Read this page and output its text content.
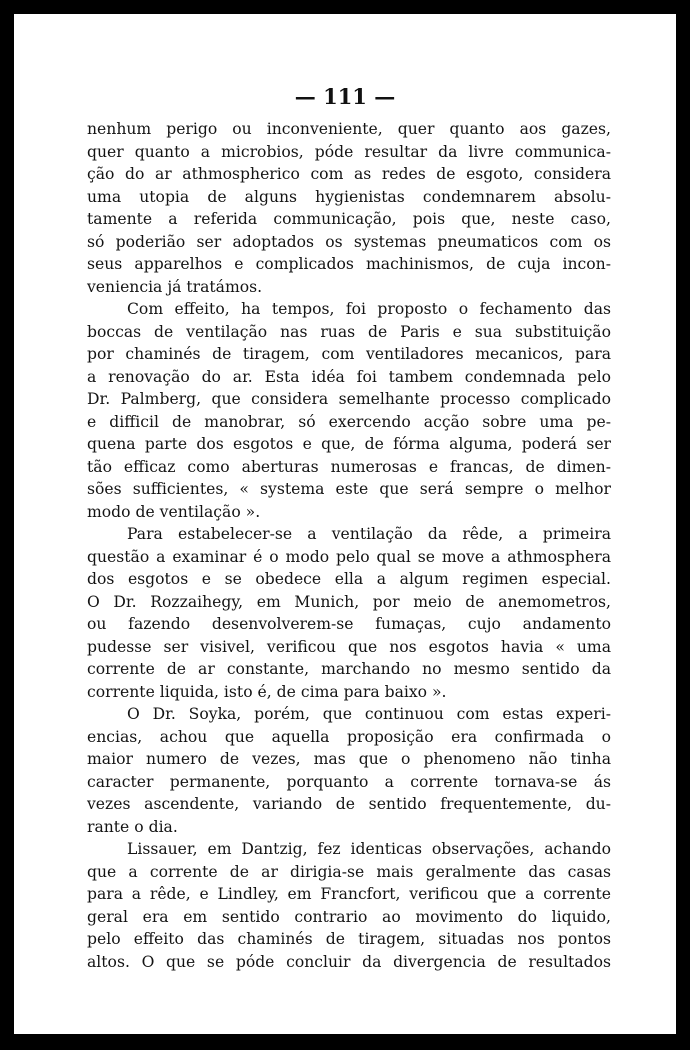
— 111 —
nenhum perigo ou inconveniente, quer quanto aos gazes,
quer quanto a microbios, póde resultar da livre communica-
ção do ar athmospherico com as redes de esgoto, considera
uma utopia de alguns hygienistas condemnarem absolu-
tamente a referida communicação, pois que, neste caso,
só poderião ser adoptados os systemas pneumaticos com os
seus apparelhos e complicados machinismos, de cuja incon-
veniencia já tratámos.
Com effeito, ha tempos, foi proposto o fechamento das
boccas de ventilação nas ruas de Paris e sua substituição
por chaminés de tiragem, com ventiladores mecanicos, para
a renovação do ar. Esta idéa foi tambem condemnada pelo
Dr. Palmberg, que considera semelhante processo complicado
e difficil de manobrar, só exercendo acção sobre uma pe-
quena parte dos esgotos e que, de fórma alguma, poderá ser
tão efficaz como aberturas numerosas e francas, de dimen-
sões sufficientes, « systema este que será sempre o melhor
modo de ventilação ».
Para estabelecer-se a ventilação da rêde, a primeira
questão a examinar é o modo pelo qual se move a athmosphera
dos esgotos e se obedece ella a algum regimen especial.
O Dr. Rozzaihegy, em Munich, por meio de anemometros,
ou fazendo desenvolverem-se fumaças, cujo andamento
pudesse ser visivel, verificou que nos esgotos havia « uma
corrente de ar constante, marchando no mesmo sentido da
corrente liquida, isto é, de cima para baixo ».
O Dr. Soyka, porém, que continuou com estas experi-
encias, achou que aquella proposição era confirmada o
maior numero de vezes, mas que o phenomeno não tinha
caracter permanente, porquanto a corrente tornava-se ás
vezes ascendente, variando de sentido frequentemente, du-
rante o dia.
Lissauer, em Dantzig, fez identicas observações, achando
que a corrente de ar dirigia-se mais geralmente das casas
para a rêde, e Lindley, em Francfort, verificou que a corrente
geral era em sentido contrario ao movimento do liquido,
pelo effeito das chaminés de tiragem, situadas nos pontos
altos. O que se póde concluir da divergencia de resultados
